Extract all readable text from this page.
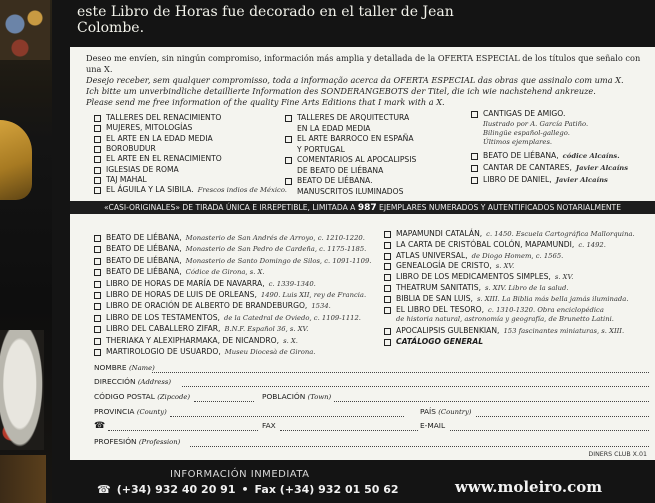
este Libro de Horas fue decorado en el taller de Jean Colombe.
Deseo me envíen, sin ningún compromiso, información más amplia y detallada de la OFERTA ESPECIAL de los títulos que señalo con una X.
Desejo receber, sem qualquer compromisso, toda a informação acerca da OFERTA ESPECIAL das obras que assinalo com uma X.
Ich bitte um unverbindliche detaillierte Information des SONDERANGEBOTS der Titel, die ich wie nachstehend ankreuze.
Please send me free information of the quality Fine Arts Editions that I mark with a X.
TALLERES DEL RENACIMIENTO
MUJERES, MITOLOGÍAS
EL ARTE EN LA EDAD MEDIA
BOROBUDUR
EL ARTE EN EL RENACIMIENTO
IGLESIAS DE ROMA
TAJ MAHAL
EL ÁGUILA Y LA SIBILA. Frescos indios de México.
TALLERES DE ARQUITECTURA
EN LA EDAD MEDIA
EL ARTE BARROCO EN ESPAÑA
Y PORTUGAL
COMENTARIOS AL APOCALIPSIS
DE BEATO DE LIÉBANA
BEATO DE LIÉBANA.
MANUSCRITOS ILUMINADOS
CANTIGAS DE AMIGO.
Ilustrado por A. García Patiño.
Bilingüe español-gallego.
Últimos ejemplares.
BEATO DE LIÉBANA, códice Alcaíns.
CANTAR DE CANTARES, Javier Alcaíns
LIBRO DE DANIEL, Javier Alcaíns
«CASI-ORIGINALES» DE TIRADA ÚNICA E IRREPETIBLE, LIMITADA A 987 EJEMPLARES NUMERADOS Y AUTENTIFICADOS NOTARIALMENTE
BEATO DE LIÉBANA, Monasterio de San Andrés de Arroyo, c. 1210-1220.
BEATO DE LIÉBANA, Monasterio de San Pedro de Cardeña, c. 1175-1185.
BEATO DE LIÉBANA, Monasterio de Santo Domingo de Silos, c. 1091-1109.
BEATO DE LIÉBANA, Códice de Girona, s. X.
LIBRO DE HORAS DE MARÍA DE NAVARRA, c. 1339-1340.
LIBRO DE HORAS DE LUIS DE ORLEANS, 1490. Luis XII, rey de Francia.
LIBRO DE ORACIÓN DE ALBERTO DE BRANDEBURGO, 1534.
LIBRO DE LOS TESTAMENTOS, de la Catedral de Oviedo, c. 1109-1112.
LIBRO DEL CABALLERO ZIFAR, B.N.F. Español 36, s. XV.
THERIAKA Y ALEXIPHARMAKA, DE NICANDRO, s. X.
MARTIROLOGIO DE USUARDO, Museu Diocesà de Girona.
MAPAMUNDI CATALÁN, c. 1450. Escuela Cartográfica Mallorquina.
LA CARTA DE CRISTÓBAL COLÓN, MAPAMUNDI, c. 1492.
ATLAS UNIVERSAL, de Diogo Homem, c. 1565.
GENEALOGÍA DE CRISTO, s. XV.
LIBRO DE LOS MEDICAMENTOS SIMPLES, s. XV.
THEATRUM SANITATIS, s. XIV. Libro de la salud.
BIBLIA DE SAN LUIS, s. XIII. La Biblia más bella jamás iluminada.
EL LIBRO DEL TESORO, c. 1310-1320. Obra enciclopédica
de historia natural, astronomía y geografía, de Brunetto Latini.
APOCALIPSIS GULBENKIAN, 153 fascinantes miniaturas, s. XIII.
CATÁLOGO GENERAL
NOMBRE (Name)
DIRECCIÓN (Address)
CÓDIGO POSTAL (Zipcode)	POBLACIÓN (Town)
PROVINCIA (County)	PAÍS (Country)
☎	FAX	E-MAIL
PROFESIÓN (Profession)
DINERS CLUB X.01
INFORMACIÓN INMEDIATA
☎ (+34) 932 40 20 91 • Fax (+34) 932 01 50 62	www.moleiro.com
